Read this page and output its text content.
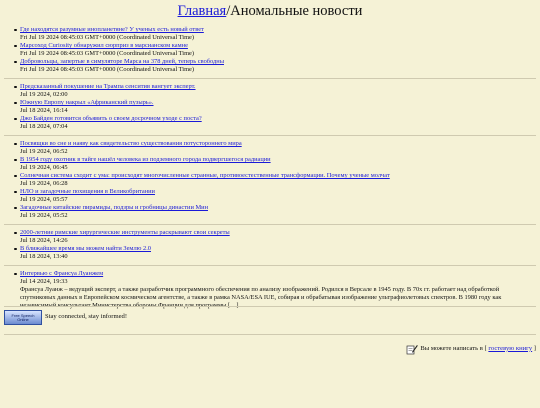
Главная/Аномальные новости
Где находятся разумные инопланетяне? У ученых есть новый ответ
Fri Jul 19 2024 08:45:03 GMT+0000 (Coordinated Universal Time)
Марсоход Curiosity обнаружил сюрприз в марсианском камне
Fri Jul 19 2024 08:45:03 GMT+0000 (Coordinated Universal Time)
Добровольцы, запертые в симуляторе Марса на 378 дней, теперь свободны
Fri Jul 19 2024 08:45:03 GMT+0000 (Coordinated Universal Time)
Предсказанный покушение на Трампа сенситив вангует эксперт.
Jul 19 2024, 02:00
Южную Европу накрыл «Африканский пузырь».
Jul 18 2024, 16:14
Джо Байден готовится объявить о своем досрочном уходе с поста?
Jul 18 2024, 07:04
Поcвящки во сне и наяву как свидетельство существования потустороннего мира
Jul 19 2024, 06:52
В 1954 году охотник в тайге нашёл человека из подземного города подвергшегося радиации
Jul 19 2024, 06:45
Солнечная система сходит с ума: происходят многочисленные странные, противоестественные трансформации. Почему ученые молчат
Jul 19 2024, 06:28
НЛО и загадочные похищения в Великобритании
Jul 19 2024, 05:57
Загадочные китайские пирамиды, подзры и гробницы династии Мин
Jul 19 2024, 05:52
2000-летние римские хирургические инструменты раскрывают свои секреты
Jul 18 2024, 14:26
В ближайшее время мы можем найти Землю 2.0
Jul 18 2024, 13:40
Интервью с Франсуа Луанжем
Jul 14 2024, 19:33
Франсуа Луанж – ведущий эксперт, а также разработчик программного обеспечения по анализу изображений. Родился в Версале в 1945 году. В 70х гг. работает над обработкой спутниковых данных в Европейском космическом агентстве, а также в рамка NASA/ESA IUE, собирая и обрабатывая изображение ультрафиолетовых спектров. В 1980 году как независимый консультант Министерства обороны Франции для программы […]
Free Speech
Online Stay connected, stay informed!
Вы можете написать в [
гостевую книгу
]
